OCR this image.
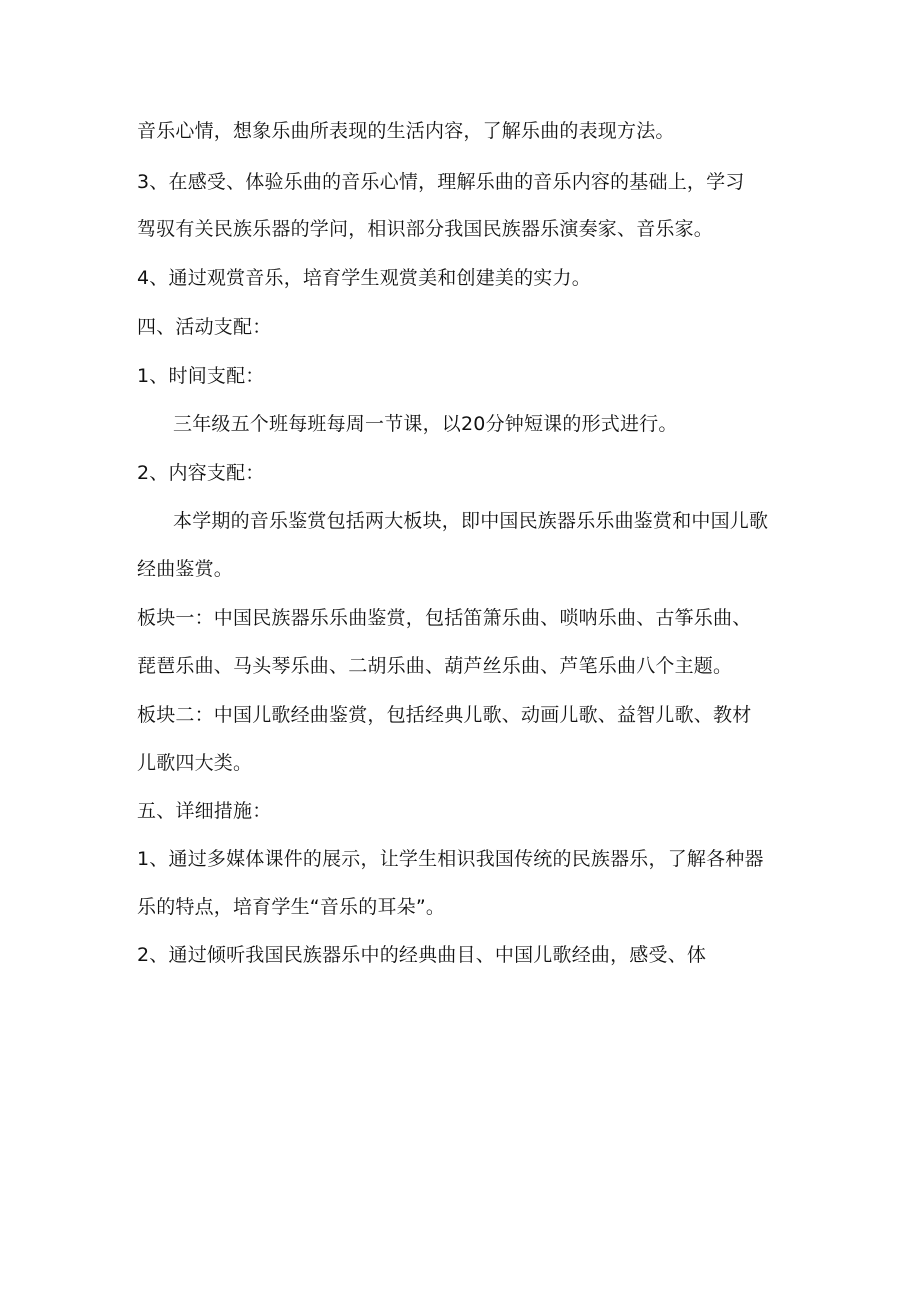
音乐心情，想象乐曲所表现的生活内容，了解乐曲的表现方法。
3、在感受、体验乐曲的音乐心情，理解乐曲的音乐内容的基础上，学习
驾驭有关民族乐器的学问，相识部分我国民族器乐演奏家、音乐家。
4、通过观赏音乐，培育学生观赏美和创建美的实力。
四、活动支配：
1、时间支配：
三年级五个班每班每周一节课，以20分钟短课的形式进行。
2、内容支配：
本学期的音乐鉴赏包括两大板块，即中国民族器乐乐曲鉴赏和中国儿歌
经曲鉴赏。
板块一：中国民族器乐乐曲鉴赏，包括笛箫乐曲、唢呐乐曲、古筝乐曲、
琵琶乐曲、马头琴乐曲、二胡乐曲、葫芦丝乐曲、芦笔乐曲八个主题。
板块二：中国儿歌经曲鉴赏，包括经典儿歌、动画儿歌、益智儿歌、教材
儿歌四大类。
五、详细措施：
1、通过多媒体课件的展示，让学生相识我国传统的民族器乐，了解各种器
乐的特点，培育学生“音乐的耳朵”。
2、通过倾听我国民族器乐中的经典曲目、中国儿歌经曲，感受、体
